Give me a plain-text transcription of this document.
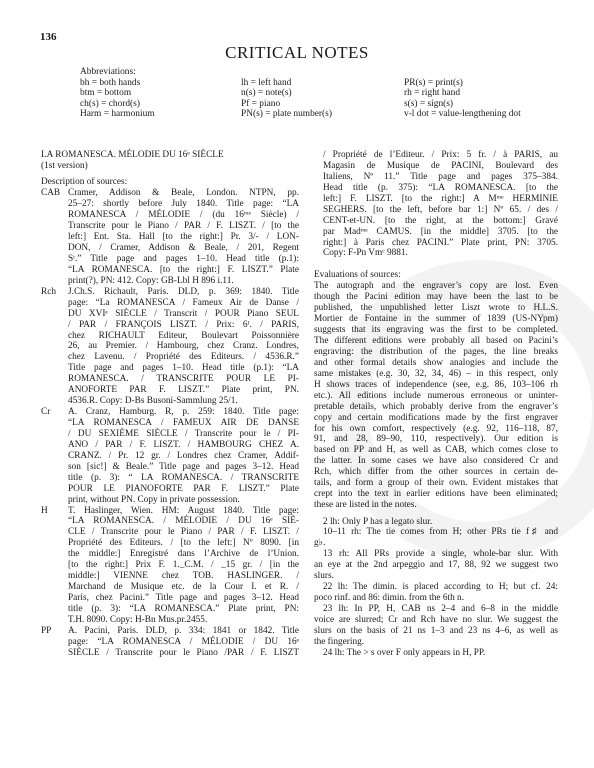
136
CRITICAL NOTES
Abbreviations:
bh = both hands	lh = left hand	PR(s) = print(s)
btm = bottom	n(s) = note(s)	rh = right hand
ch(s) = chord(s)	Pf = piano	s(s) = sign(s)
Harm = harmonium	PN(s) = plate number(s)	v-l dot = value-lengthening dot
LA ROMANESCA. MÉLODIE DU 16ᵉ SIÈCLE
(1st version)
Description of sources:
CAB Cramer, Addison & Beale, London. NTPN, pp.
25–27: shortly before July 1840. Title page: “LA
ROMANESCA / MÉLODIE / (du 16ᵐᵉ Siècle) /
Transcrite pour le Piano / PAR / F. LISZT. / [to the
left:] Ent. Sta. Hall [to the right:] Pr. 3/- / LON-
DON, / Cramer, Addison & Beale, / 201, Regent
Sᵗ.” Title page and pages 1–10. Head title (p.1):
“LA ROMANESCA. [to the right:] F. LISZT.” Plate
print(?), PN: 412. Copy: GB-Lbl H 896 i.11.
Rch	J.Ch.S. Richault, Paris. DLD, p. 369: 1840. Title
page: “La ROMANESCA / Fameux Air de Danse /
DU XVIᵉ SIÈCLE / Transcrit / POUR Piano SEUL
/ PAR / FRANÇOIS LISZT. / Prix: 6ᶠ. / PARIS,
chez RICHAULT Editeur, Boulevart Poissonnière
26, au Premier. / Hambourg, chez Cranz. Londres,
chez Lavenu. / Propriété des Editeurs. / 4536.R.”
Title page and pages 1–10. Head title (p.1): “LA
ROMANESCA. / TRANSCRITE POUR LE PI-
ANOFORTE PAR F. LISZT.” Plate print, PN.
4536.R. Copy: D-Bs Busoni-Sammlung 25/1.
Cr	A. Cranz, Hamburg. R, p. 259: 1840. Title page:
“LA ROMANESCA / FAMEUX AIR DE DANSE
/ DU SEXIÈME SIÈCLE / Transcrite pour le / PI-
ANO / PAR / F. LISZT. / HAMBOURG CHEZ A.
CRANZ. / Pr. 12 gr. / Londres chez Cramer, Addif-
son [sic!] & Beale.” Title page and pages 3–12. Head
title (p. 3): “ LA ROMANESCA. / TRANSCRITE
POUR LE PIANOFORTE PAR F. LISZT.” Plate
print, without PN. Copy in private possession.
H	T. Haslinger, Wien. HM: August 1840. Title page:
“LA ROMANESCA. / MÉLODIE / DU 16ᵉ SIÈ-
CLE / Transcrite pour le Piano / PAR / F. LISZT. /
Propriété des Editeurs. / [to the left:] Nº 8090. [in
the middle:] Enregistré dans l’Archive de l’Union.
[to the right:] Prix F. 1._C.M. / _15 gr. / [in the
middle:] VIENNE chez TOB. HASLINGER. /
Marchand de Musique etc. de la Cour I. et R. /
Paris, chez Pacini.” Title page and pages 3–12. Head
title (p. 3): “LA ROMANESCA.” Plate print, PN:
T.H. 8090. Copy: H-Bn Mus.pr.2455.
PP	A. Pacini, Paris. DLD, p. 334: 1841 or 1842. Title
page: “LA ROMANESCA / MÉLODIE / DU 16ᵉ
SIÈCLE / Transcrite pour le Piano /PAR / F. LISZT
/ Propriété de l’Editeur. / Prix: 5 fr. / à PARIS, au
Magasin de Musique de PACINI, Boulevard des
Italiens, Nº 11.” Title page and pages 375–384.
Head title (p. 375): “LA ROMANESCA. [to the
left:] F. LISZT. [to the right:] A Mᵐᵉ HERMINIE
SEGHERS. [to the left, before bar 1:] Nº 65. / des /
CENT-et-UN. [to the right, at the bottom:] Gravé
par Madᵐᵉ CAMUS. [in the middle] 3705. [to the
right:] à Paris chez PACINI.” Plate print, PN: 3705.
Copy: F-Pn Vmᶜ 9881.
Evaluations of sources:
The autograph and the engraver’s copy are lost. Even
though the Pacini edition may have been the last to be
published, the unpublished letter Liszt wrote to H.L.S.
Mortier de Fontaine in the summer of 1839 (US-NYpm)
suggests that its engraving was the first to be completed.
The different editions were probably all based on Pacini’s
engraving: the distribution of the pages, the line breaks
and other formal details show analogies and include the
same mistakes (e.g. 30, 32, 34, 46) – in this respect, only
H shows traces of independence (see, e.g. 86, 103–106 rh
etc.). All editions include numerous erroneous or uninter-
pretable details, which probably derive from the engraver’s
copy and certain modifications made by the first engraver
for his own comfort, respectively (e.g. 92, 116–118, 87,
91, and 28, 89–90, 110, respectively). Our edition is
based on PP and H, as well as CAB, which comes close to
the latter. In some cases we have also considered Cr and
Rch, which differ from the other sources in certain de-
tails, and form a group of their own. Evident mistakes that
crept into the text in earlier editions have been eliminated;
these are listed in the notes.
2 lh: Only P has a legato slur.
10–11 rh: The tie comes from H; other PRs tie f♯ and
g♭.
13 rh: All PRs provide a single, whole-bar slur. With
an eye at the 2nd arpeggio and 17, 88, 92 we suggest two
slurs.
22 lh: The dimin. is placed according to H; but cf. 24:
poco rinf. and 86: dimin. from the 6th n.
23 lh: In PP, H, CAB ns 2–4 and 6–8 in the middle
voice are slurred; Cr and Rch have no slur. We suggest the
slurs on the basis of 21 ns 1–3 and 23 ns 4–6, as well as
the fingering.
24 lh: The > s over F only appears in H, PP.
